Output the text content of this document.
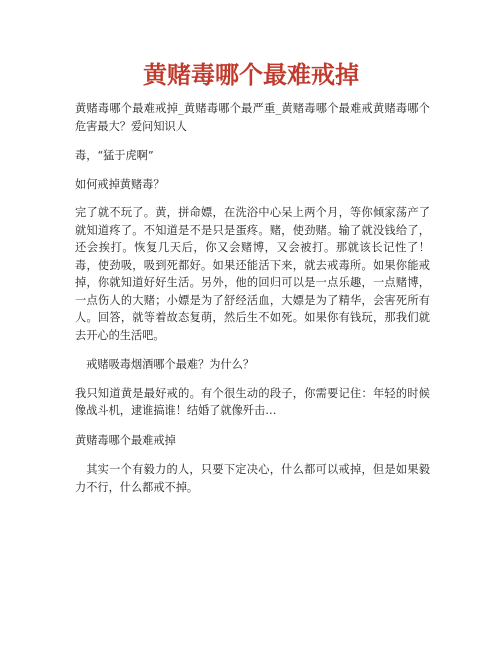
黄赌毒哪个最难戒掉

黄赌毒哪个最难戒掉_黄赌毒哪个最严重_黄赌毒哪个最难戒黄赌毒哪个危害最大？爱问知识人

毒，“猛于虎啊”

如何戒掉黄赌毒？

完了就不玩了。黄，拼命嫖，在洗浴中心呆上两个月，等你倾家荡产了就知道疼了。不知道是不是只是蛋疼。赌，使劲赌。输了就没钱给了，还会挨打。恢复几天后，你又会赌博，又会被打。那就该长记性了！毒，使劲吸，吸到死都好。如果还能活下来，就去戒毒所。如果你能戒掉，你就知道好好生活。另外，他的回归可以是一点乐趣，一点赌博，一点伤人的大赌；小嫖是为了舒经活血，大嫖是为了精华，会害死所有人。回答，就等着故态复萌，然后生不如死。如果你有钱玩，那我们就去开心的生活吧。

戒赌吸毒烟酒哪个最难？为什么？

我只知道黄是最好戒的。有个很生动的段子，你需要记住：年轻的时候像战斗机，逮谁搞谁！结婚了就像歼击…

黄赌毒哪个最难戒掉

其实一个有毅力的人，只要下定决心，什么都可以戒掉，但是如果毅力不行，什么都戒不掉。
